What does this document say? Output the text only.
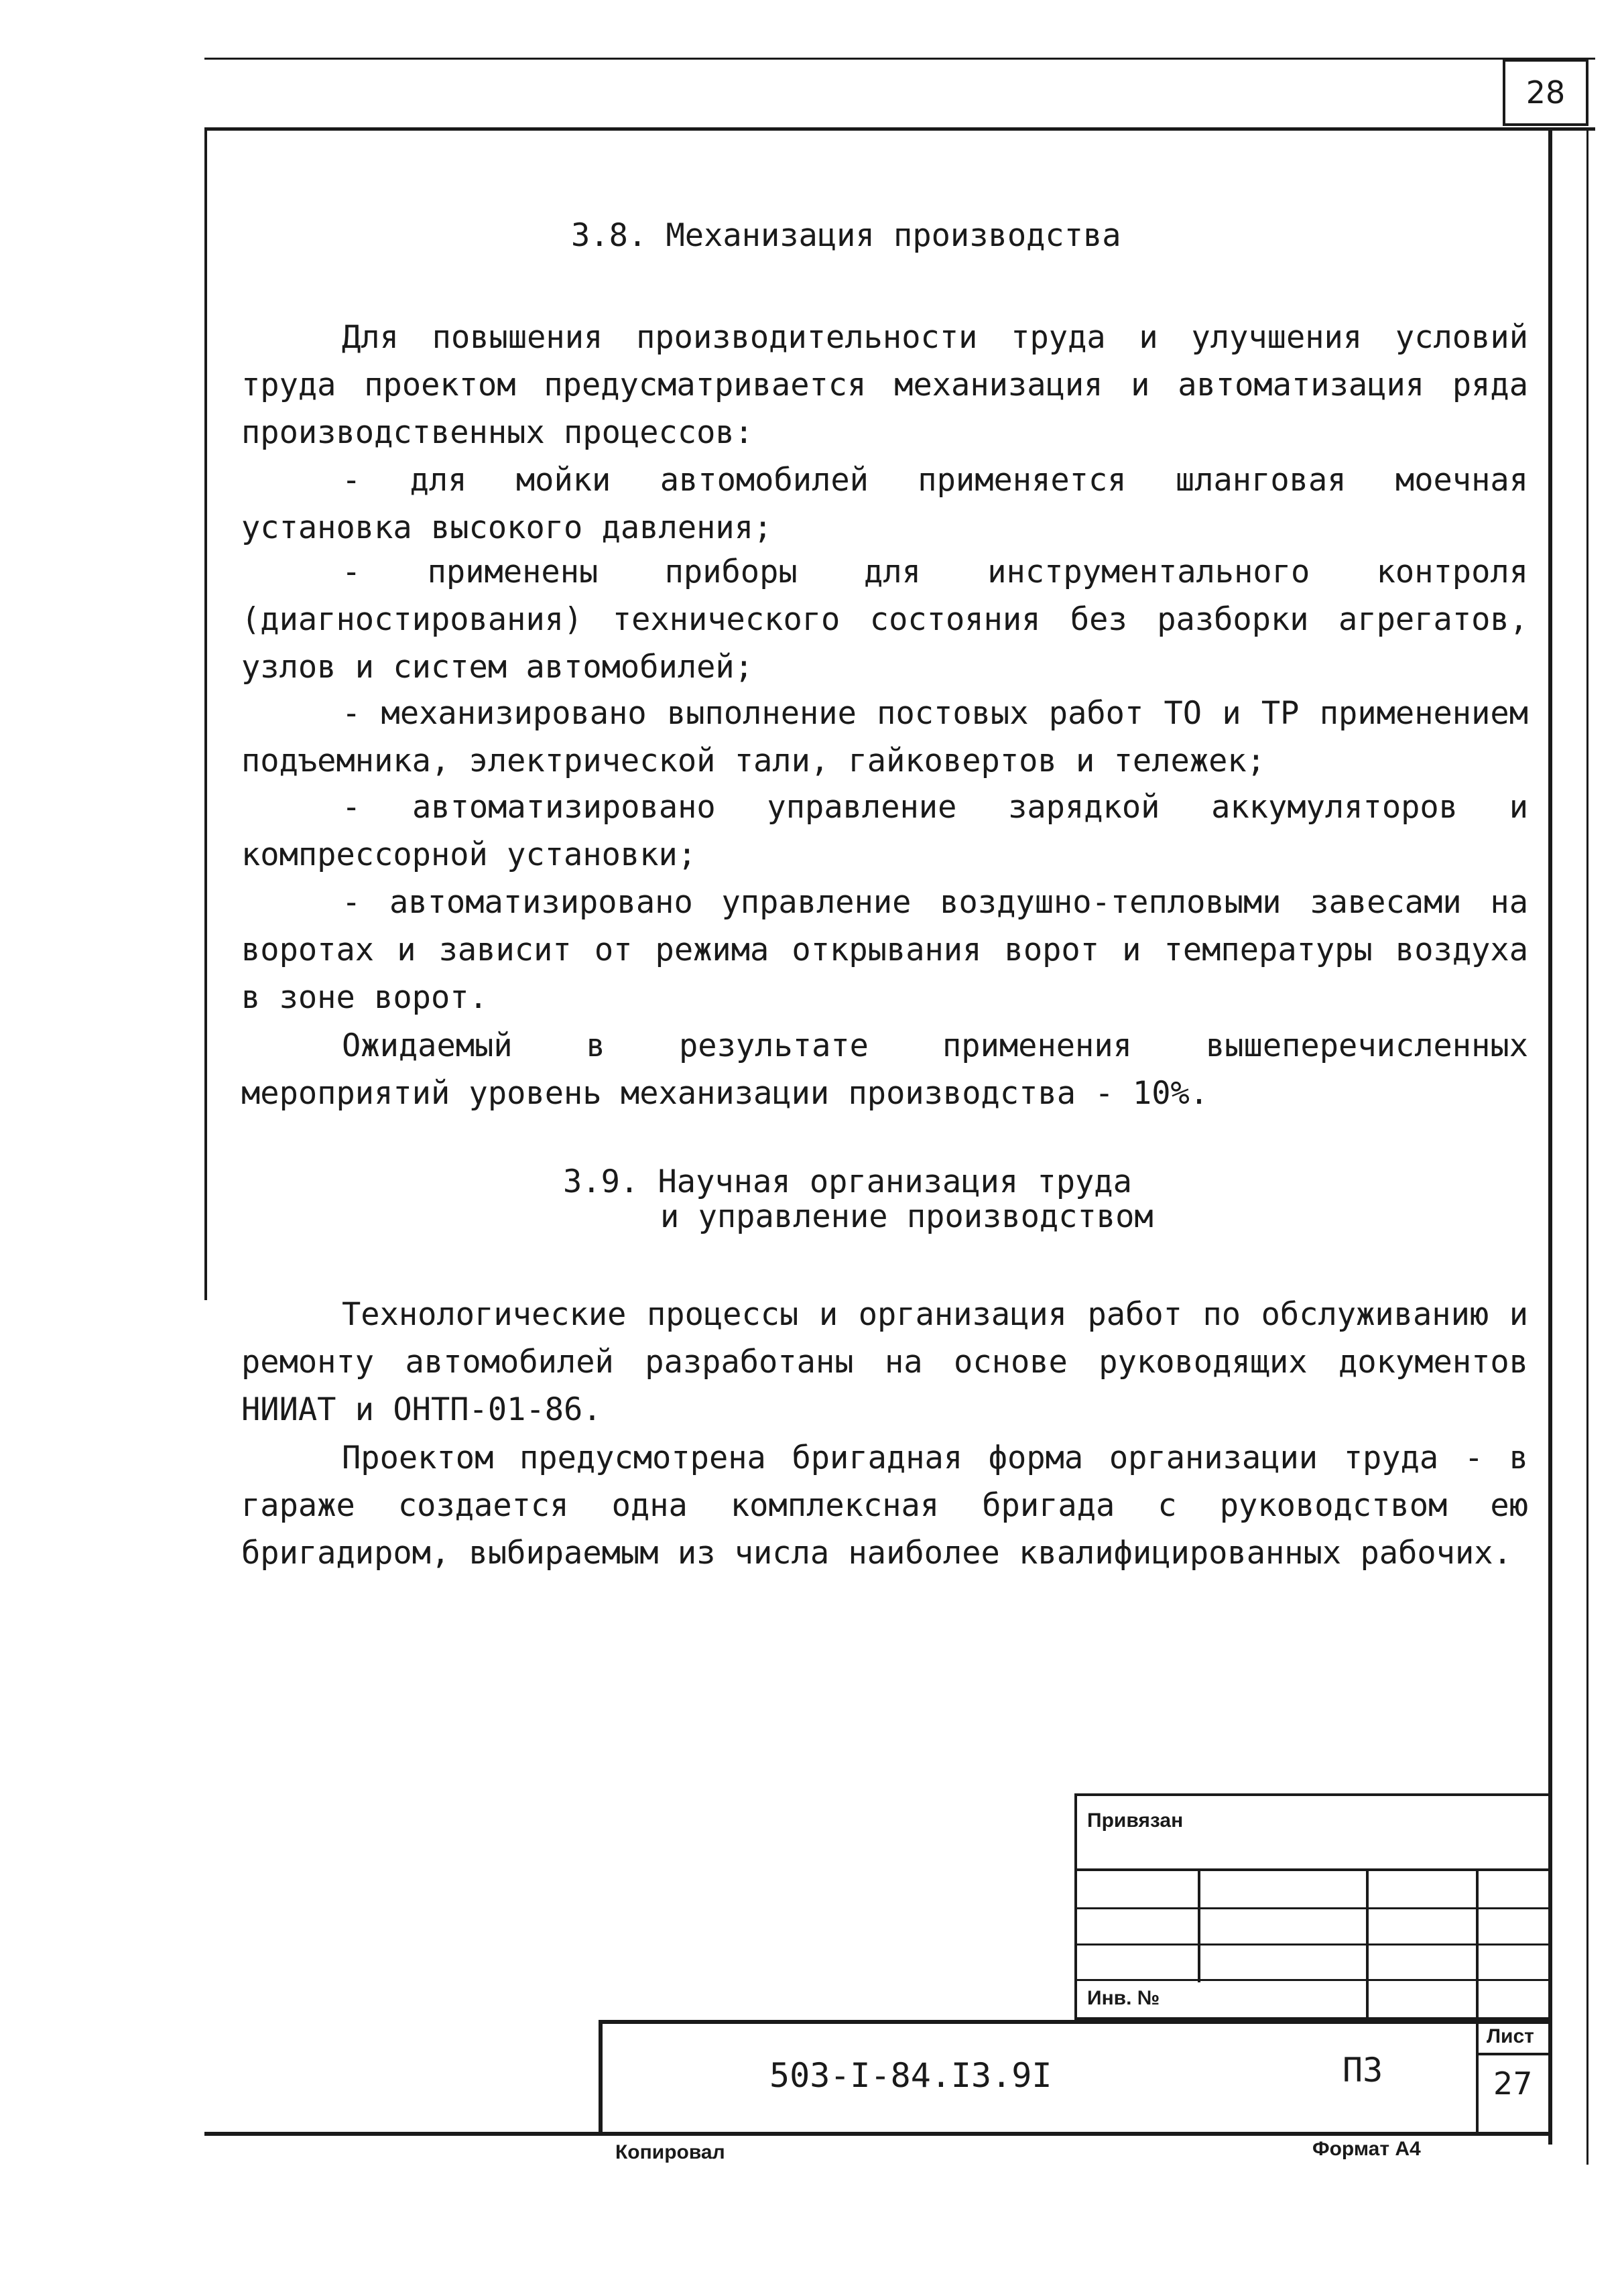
28
3.8. Механизация производства
Для повышения производительности труда и улучшения условий труда проектом предусматривается механизация и автоматизация ряда производственных процессов:
- для мойки автомобилей применяется шланговая моечная установка высокого давления;
- применены приборы для инструментального контроля (диагностирования) технического состояния без разборки агрегатов, узлов и систем автомобилей;
- механизировано выполнение постовых работ ТО и ТР применением подъемника, электрической тали, гайковертов и тележек;
- автоматизировано управление зарядкой аккумуляторов и компрессорной установки;
- автоматизировано управление воздушно-тепловыми завесами на воротах и зависит от режима открывания ворот и температуры воздуха в зоне ворот.
Ожидаемый в результате применения вышеперечисленных мероприятий уровень механизации производства - 10%.
3.9. Научная организация труда
и управление производством
Технологические процессы и организация работ по обслуживанию и ремонту автомобилей разработаны на основе руководящих документов НИИАТ и ОНТП-01-86.
Проектом предусмотрена бригадная форма организации труда - в гараже создается одна комплексная бригада с руководством ею бригадиром, выбираемым из числа наиболее квалифицированных рабочих.
Привязан
Инв. №
503-I-84.I3.9I	ПЗ
Лист
27
Копировал	Формат А4
